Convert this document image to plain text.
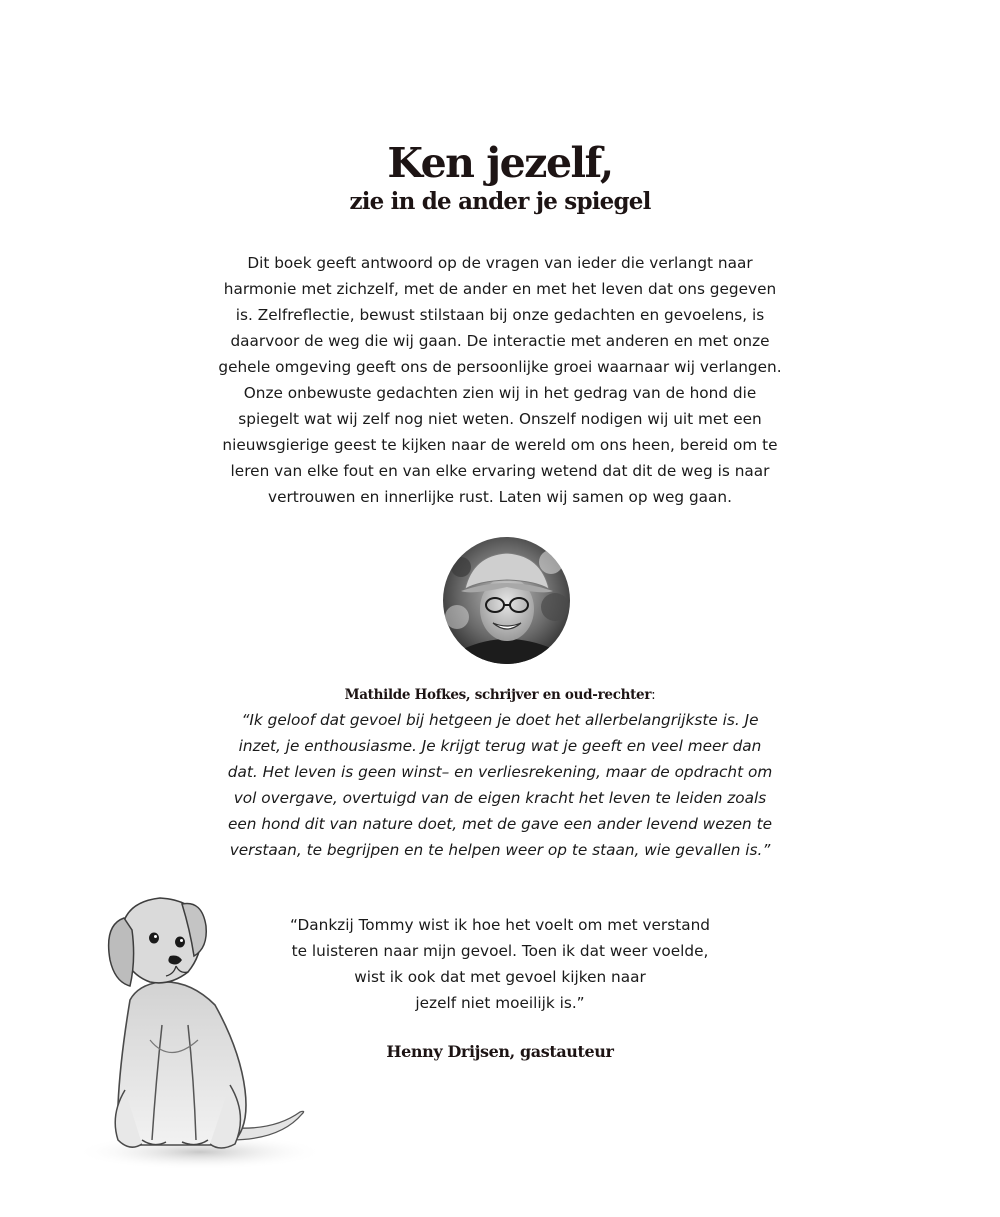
Ken jezelf,
zie in de ander je spiegel
Dit boek geeft antwoord op de vragen van ieder die verlangt naar
harmonie met zichzelf, met de ander en met het leven dat ons gegeven
is. Zelfreflectie, bewust stilstaan bij onze gedachten en gevoelens, is
daarvoor de weg die wij gaan. De interactie met anderen en met onze
gehele omgeving geeft ons de persoonlijke groei waarnaar wij verlangen.
Onze onbewuste gedachten zien wij in het gedrag van de hond die
spiegelt wat wij zelf nog niet weten. Onszelf nodigen wij uit met een
nieuwsgierige geest te kijken naar de wereld om ons heen, bereid om te
leren van elke fout en van elke ervaring wetend dat dit de weg is naar
vertrouwen en innerlijke rust. Laten wij samen op weg gaan.
Mathilde Hofkes, schrijver en oud-rechter:
“Ik geloof dat gevoel bij hetgeen je doet het allerbelangrijkste is. Je
inzet, je enthousiasme. Je krijgt terug wat je geeft en veel meer dan
dat. Het leven is geen winst– en verliesrekening, maar de opdracht om
vol overgave, overtuigd van de eigen kracht het leven te leiden zoals
een hond dit van nature doet, met de gave een ander levend wezen te
verstaan, te begrijpen en te helpen weer op te staan, wie gevallen is.”
“Dankzij Tommy wist ik hoe het voelt om met verstand
te luisteren naar mijn gevoel. Toen ik dat weer voelde,
wist ik ook dat met gevoel kijken naar
jezelf niet moeilijk is.”
Henny Drijsen, gastauteur
